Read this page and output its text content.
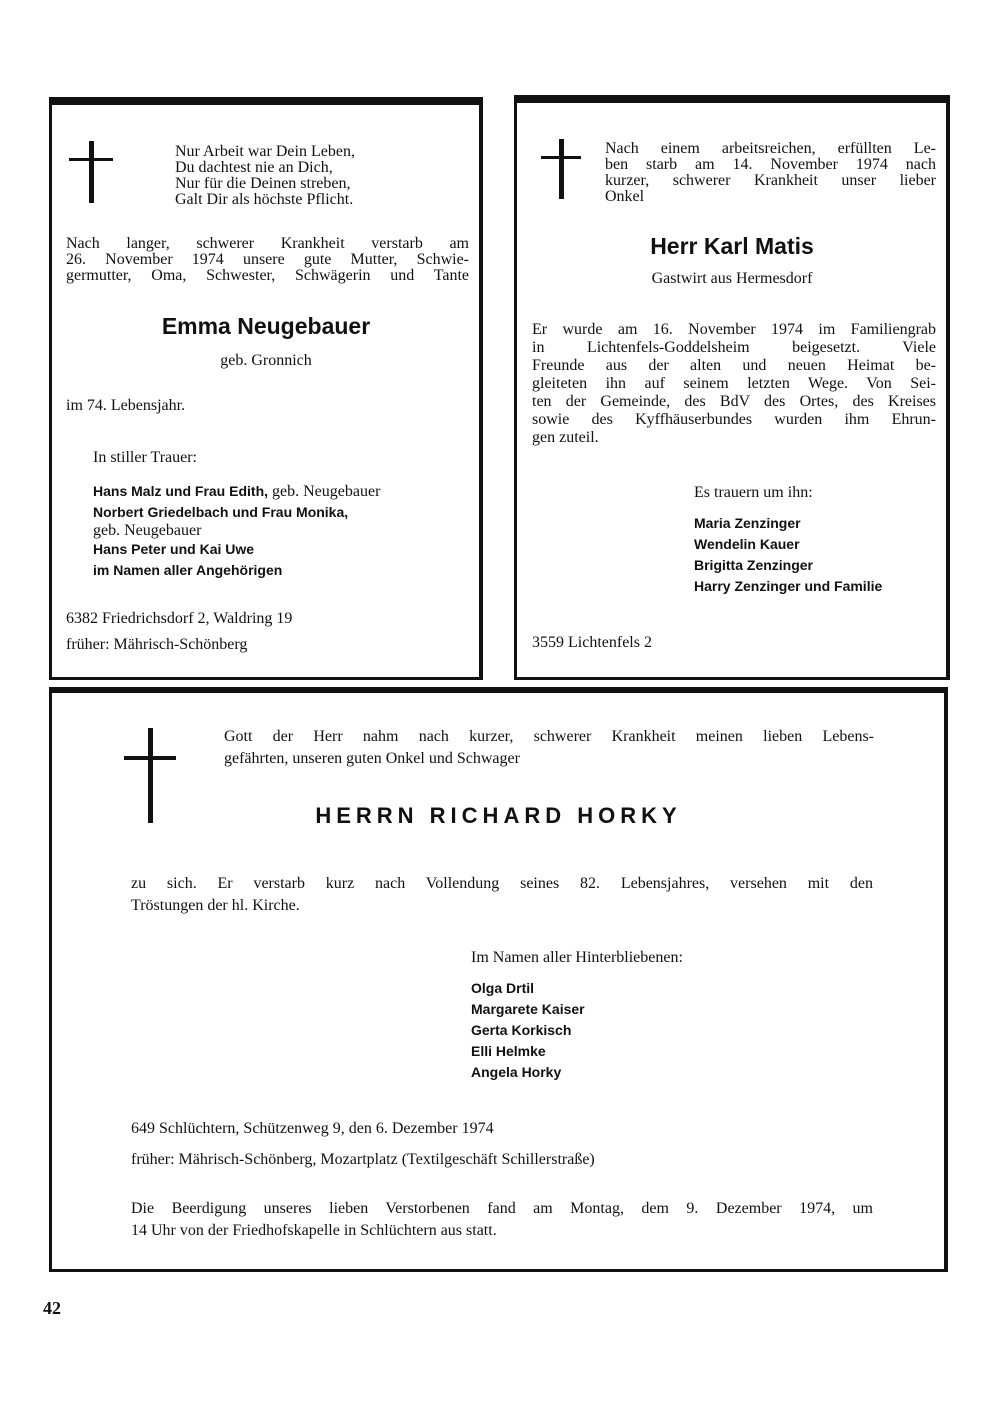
Nur Arbeit war Dein Leben,
Du dachtest nie an Dich,
Nur für die Deinen streben,
Galt Dir als höchste Pflicht.
Nach langer, schwerer Krankheit verstarb am
26. November 1974 unsere gute Mutter, Schwie-
germutter, Oma, Schwester, Schwägerin und Tante
Emma Neugebauer
geb. Gronnich
im 74. Lebensjahr.
In stiller Trauer:
Hans Malz und Frau Edith, geb. Neugebauer
Norbert Griedelbach und Frau Monika,
geb. Neugebauer
Hans Peter und Kai Uwe
im Namen aller Angehörigen
6382 Friedrichsdorf 2, Waldring 19
früher: Mährisch-Schönberg
Nach einem arbeitsreichen, erfüllten Le-
ben starb am 14. November 1974 nach
kurzer, schwerer Krankheit unser lieber
Onkel
Herr Karl Matis
Gastwirt aus Hermesdorf
Er wurde am 16. November 1974 im Familiengrab
in Lichtenfels-Goddelsheim beigesetzt. Viele
Freunde aus der alten und neuen Heimat be-
gleiteten ihn auf seinem letzten Wege. Von Sei-
ten der Gemeinde, des BdV des Ortes, des Kreises
sowie des Kyffhäuserbundes wurden ihm Ehrun-
gen zuteil.
Es trauern um ihn:
Maria Zenzinger
Wendelin Kauer
Brigitta Zenzinger
Harry Zenzinger und Familie
3559 Lichtenfels 2
Gott der Herr nahm nach kurzer, schwerer Krankheit meinen lieben Lebens-
gefährten, unseren guten Onkel und Schwager
HERRN RICHARD HORKY
zu sich. Er verstarb kurz nach Vollendung seines 82. Lebensjahres, versehen mit den
Tröstungen der hl. Kirche.
Im Namen aller Hinterbliebenen:
Olga Drtil
Margarete Kaiser
Gerta Korkisch
Elli Helmke
Angela Horky
649 Schlüchtern, Schützenweg 9, den 6. Dezember 1974
früher: Mährisch-Schönberg, Mozartplatz (Textilgeschäft Schillerstraße)
Die Beerdigung unseres lieben Verstorbenen fand am Montag, dem 9. Dezember 1974, um
14 Uhr von der Friedhofskapelle in Schlüchtern aus statt.
42
